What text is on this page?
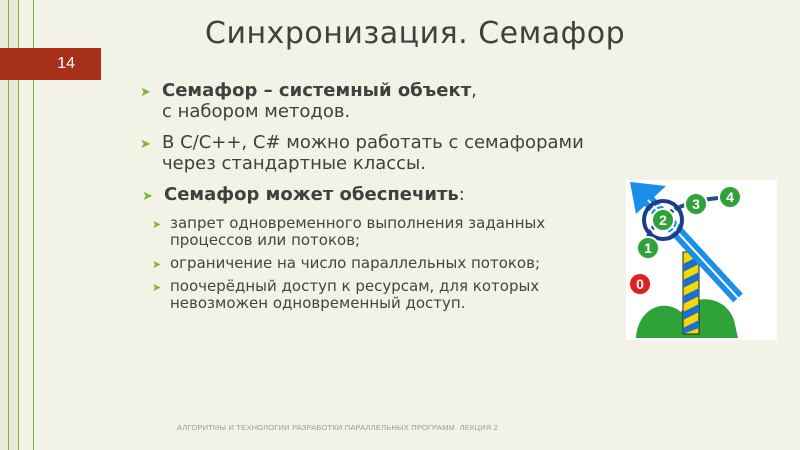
Синхронизация. Семафор
14
➤ Семафор – системный объект,
с набором методов.
➤ В С/С++, С# можно работать с семафорами через стандартные классы.
➤ Семафор может обеспечить:
➤ запрет одновременного выполнения заданных процессов или потоков;
➤ ограничение на число параллельных потоков;
➤ поочерёдный доступ к ресурсам, для которых невозможен одновременный доступ.
0
1
2
3 4
АЛГОРИТМЫ И ТЕХНОЛОГИИ РАЗРАБОТКИ ПАРАЛЛЕЛЬНЫХ ПРОГРАММ. ЛЕКЦИЯ 2
